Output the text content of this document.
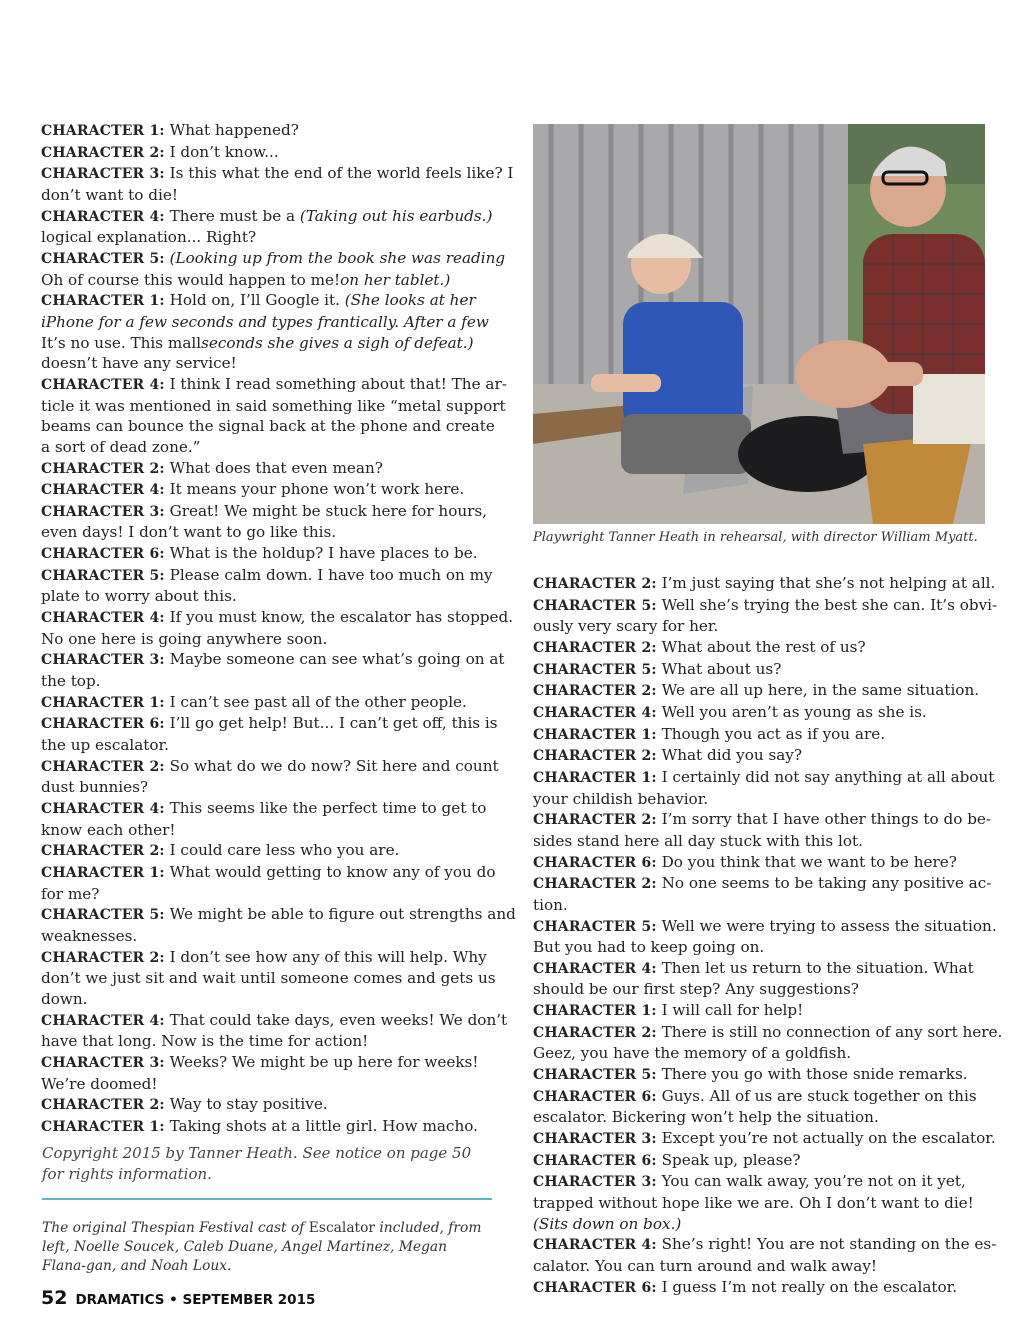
CHARACTER 1: What happened?
CHARACTER 2: I don’t know...
CHARACTER 3: Is this what the end of the world feels like? I
don’t want to die!
CHARACTER 4: There must be a (Taking out his earbuds.)
logical explanation... Right?
CHARACTER 5: (Looking up from the book she was reading
Oh of course this would happen to me!on her tablet.)
CHARACTER 1: Hold on, I’ll Google it. (She looks at her
iPhone for a few seconds and types frantically. After a few
It’s no use. This mallseconds she gives a sigh of defeat.)
doesn’t have any service!
CHARACTER 4: I think I read something about that! The ar-
ticle it was mentioned in said something like “metal support
beams can bounce the signal back at the phone and create
a sort of dead zone.”
CHARACTER 2: What does that even mean?
CHARACTER 4: It means your phone won’t work here.
CHARACTER 3: Great! We might be stuck here for hours,
even days! I don’t want to go like this.
CHARACTER 6: What is the holdup? I have places to be.
CHARACTER 5: Please calm down. I have too much on my
plate to worry about this.
CHARACTER 4: If you must know, the escalator has stopped.
No one here is going anywhere soon.
CHARACTER 3: Maybe someone can see what’s going on at
the top.
CHARACTER 1: I can’t see past all of the other people.
CHARACTER 6: I’ll go get help! But... I can’t get off, this is
the up escalator.
CHARACTER 2: So what do we do now? Sit here and count
dust bunnies?
CHARACTER 4: This seems like the perfect time to get to
know each other!
CHARACTER 2: I could care less who you are.
CHARACTER 1: What would getting to know any of you do
for me?
CHARACTER 5: We might be able to figure out strengths and
weaknesses.
CHARACTER 2: I don’t see how any of this will help. Why
don’t we just sit and wait until someone comes and gets us
down.
CHARACTER 4: That could take days, even weeks! We don’t
have that long. Now is the time for action!
CHARACTER 3: Weeks? We might be up here for weeks!
We’re doomed!
CHARACTER 2: Way to stay positive.
CHARACTER 1: Taking shots at a little girl. How macho.
Playwright Tanner Heath in rehearsal, with director William Myatt.
CHARACTER 2: I’m just saying that she’s not helping at all.
CHARACTER 5: Well she’s trying the best she can. It’s obvi-
ously very scary for her.
CHARACTER 2: What about the rest of us?
CHARACTER 5: What about us?
CHARACTER 2: We are all up here, in the same situation.
CHARACTER 4: Well you aren’t as young as she is.
CHARACTER 1: Though you act as if you are.
CHARACTER 2: What did you say?
CHARACTER 1: I certainly did not say anything at all about
your childish behavior.
CHARACTER 2: I’m sorry that I have other things to do be-
sides stand here all day stuck with this lot.
CHARACTER 6: Do you think that we want to be here?
CHARACTER 2: No one seems to be taking any positive ac-
tion.
CHARACTER 5: Well we were trying to assess the situation.
But you had to keep going on.
CHARACTER 4: Then let us return to the situation. What
should be our first step? Any suggestions?
CHARACTER 1: I will call for help!
CHARACTER 2: There is still no connection of any sort here.
Geez, you have the memory of a goldfish.
CHARACTER 5: There you go with those snide remarks.
CHARACTER 6: Guys. All of us are stuck together on this
escalator. Bickering won’t help the situation.
CHARACTER 3: Except you’re not actually on the escalator.
CHARACTER 6: Speak up, please?
CHARACTER 3: You can walk away, you’re not on it yet,
trapped without hope like we are. Oh I don’t want to die!
(Sits down on box.)
CHARACTER 4: She’s right! You are not standing on the es-
calator. You can turn around and walk away!
CHARACTER 6: I guess I’m not really on the escalator.
Copyright 2015 by Tanner Heath. See notice on page 50 for rights information.
The original Thespian Festival cast of Escalator included, from left, Noelle Soucek, Caleb Duane, Angel Martinez, Megan Flana-gan, and Noah Loux.
52 DRAMATICS • SEPTEMBER 2015
